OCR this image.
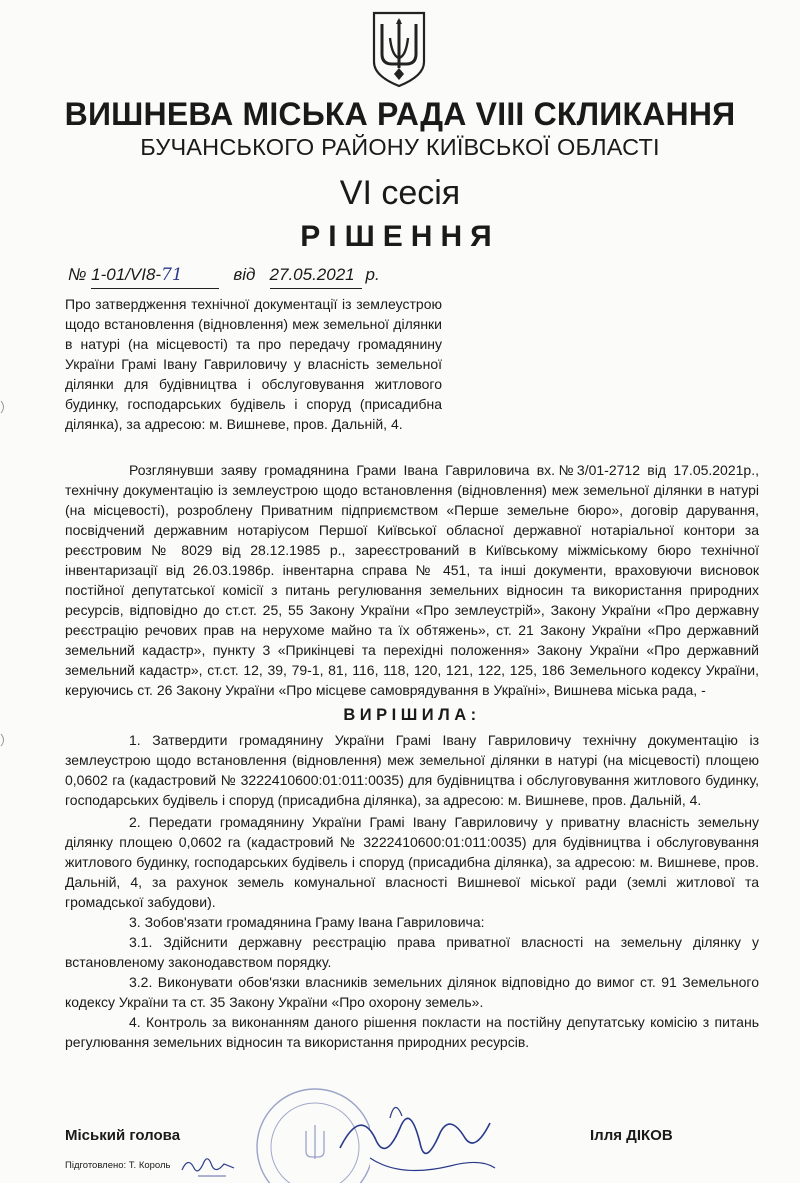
ВИШНЕВА МІСЬКА РАДА VIII СКЛИКАННЯ
БУЧАНСЬКОГО РАЙОНУ КИЇВСЬКОЇ ОБЛАСТІ
VI сесія
РІШЕННЯ
№ 1-01/VI8-71	від 27.05.2021 р.
Про затвердження технічної документації із землеустрою щодо встановлення (відновлення) меж земельної ділянки в натурі (на місцевості) та про передачу громадянину України Грамі Івану Гавриловичу у власність земельної ділянки для будівництва і обслуговування житлового будинку, господарських будівель і споруд (присадибна ділянка), за адресою: м. Вишневе, пров. Дальній, 4.

Розглянувши заяву громадянина Грами Івана Гавриловича вх.№3/01-2712 від 17.05.2021р., технічну документацію із землеустрою щодо встановлення (відновлення) меж земельної ділянки в натурі (на місцевості), розроблену Приватним підприємством «Перше земельне бюро», договір дарування, посвідчений державним нотаріусом Першої Київської обласної державної нотаріальної контори за реєстровим № 8029 від 28.12.1985 р., зареєстрований в Київському міжміському бюро технічної інвентаризації від 26.03.1986р. інвентарна справа № 451, та інші документи, враховуючи висновок постійної депутатської комісії з питань регулювання земельних відносин та використання природних ресурсів, відповідно до ст.ст. 25, 55 Закону України «Про землеустрій», Закону України «Про державну реєстрацію речових прав на нерухоме майно та їх обтяжень», ст. 21 Закону України «Про державний земельний кадастр», пункту 3 «Прикінцеві та перехідні положення» Закону України «Про державний земельний кадастр», ст.ст. 12, 39, 79-1, 81, 116, 118, 120, 121, 122, 125, 186 Земельного кодексу України, керуючись ст. 26 Закону України «Про місцеве самоврядування в Україні», Вишнева міська рада, -

ВИРІШИЛА:

1. Затвердити громадянину України Грамі Івану Гавриловичу технічну документацію із землеустрою щодо встановлення (відновлення) меж земельної ділянки в натурі (на місцевості) площею 0,0602 га (кадастровий № 3222410600:01:011:0035) для будівництва і обслуговування житлового будинку, господарських будівель і споруд (присадибна ділянка), за адресою: м. Вишневе, пров. Дальній, 4.

2. Передати громадянину України Грамі Івану Гавриловичу у приватну власність земельну ділянку площею 0,0602 га (кадастровий № 3222410600:01:011:0035) для будівництва і обслуговування житлового будинку, господарських будівель і споруд (присадибна ділянка), за адресою: м. Вишневе, пров. Дальній, 4, за рахунок земель комунальної власності Вишневої міської ради (землі житлової та громадської забудови).

3. Зобов'язати громадянина Граму Івана Гавриловича:

3.1. Здійснити державну реєстрацію права приватної власності на земельну ділянку у встановленому законодавством порядку.

3.2. Виконувати обов'язки власників земельних ділянок відповідно до вимог ст. 91 Земельного кодексу України та ст. 35 Закону України «Про охорону земель».

4. Контроль за виконанням даного рішення покласти на постійну депутатську комісію з питань регулювання земельних відносин та використання природних ресурсів.

Міський голова	Ілля ДІКОВ
Підготовлено: Т. Король
